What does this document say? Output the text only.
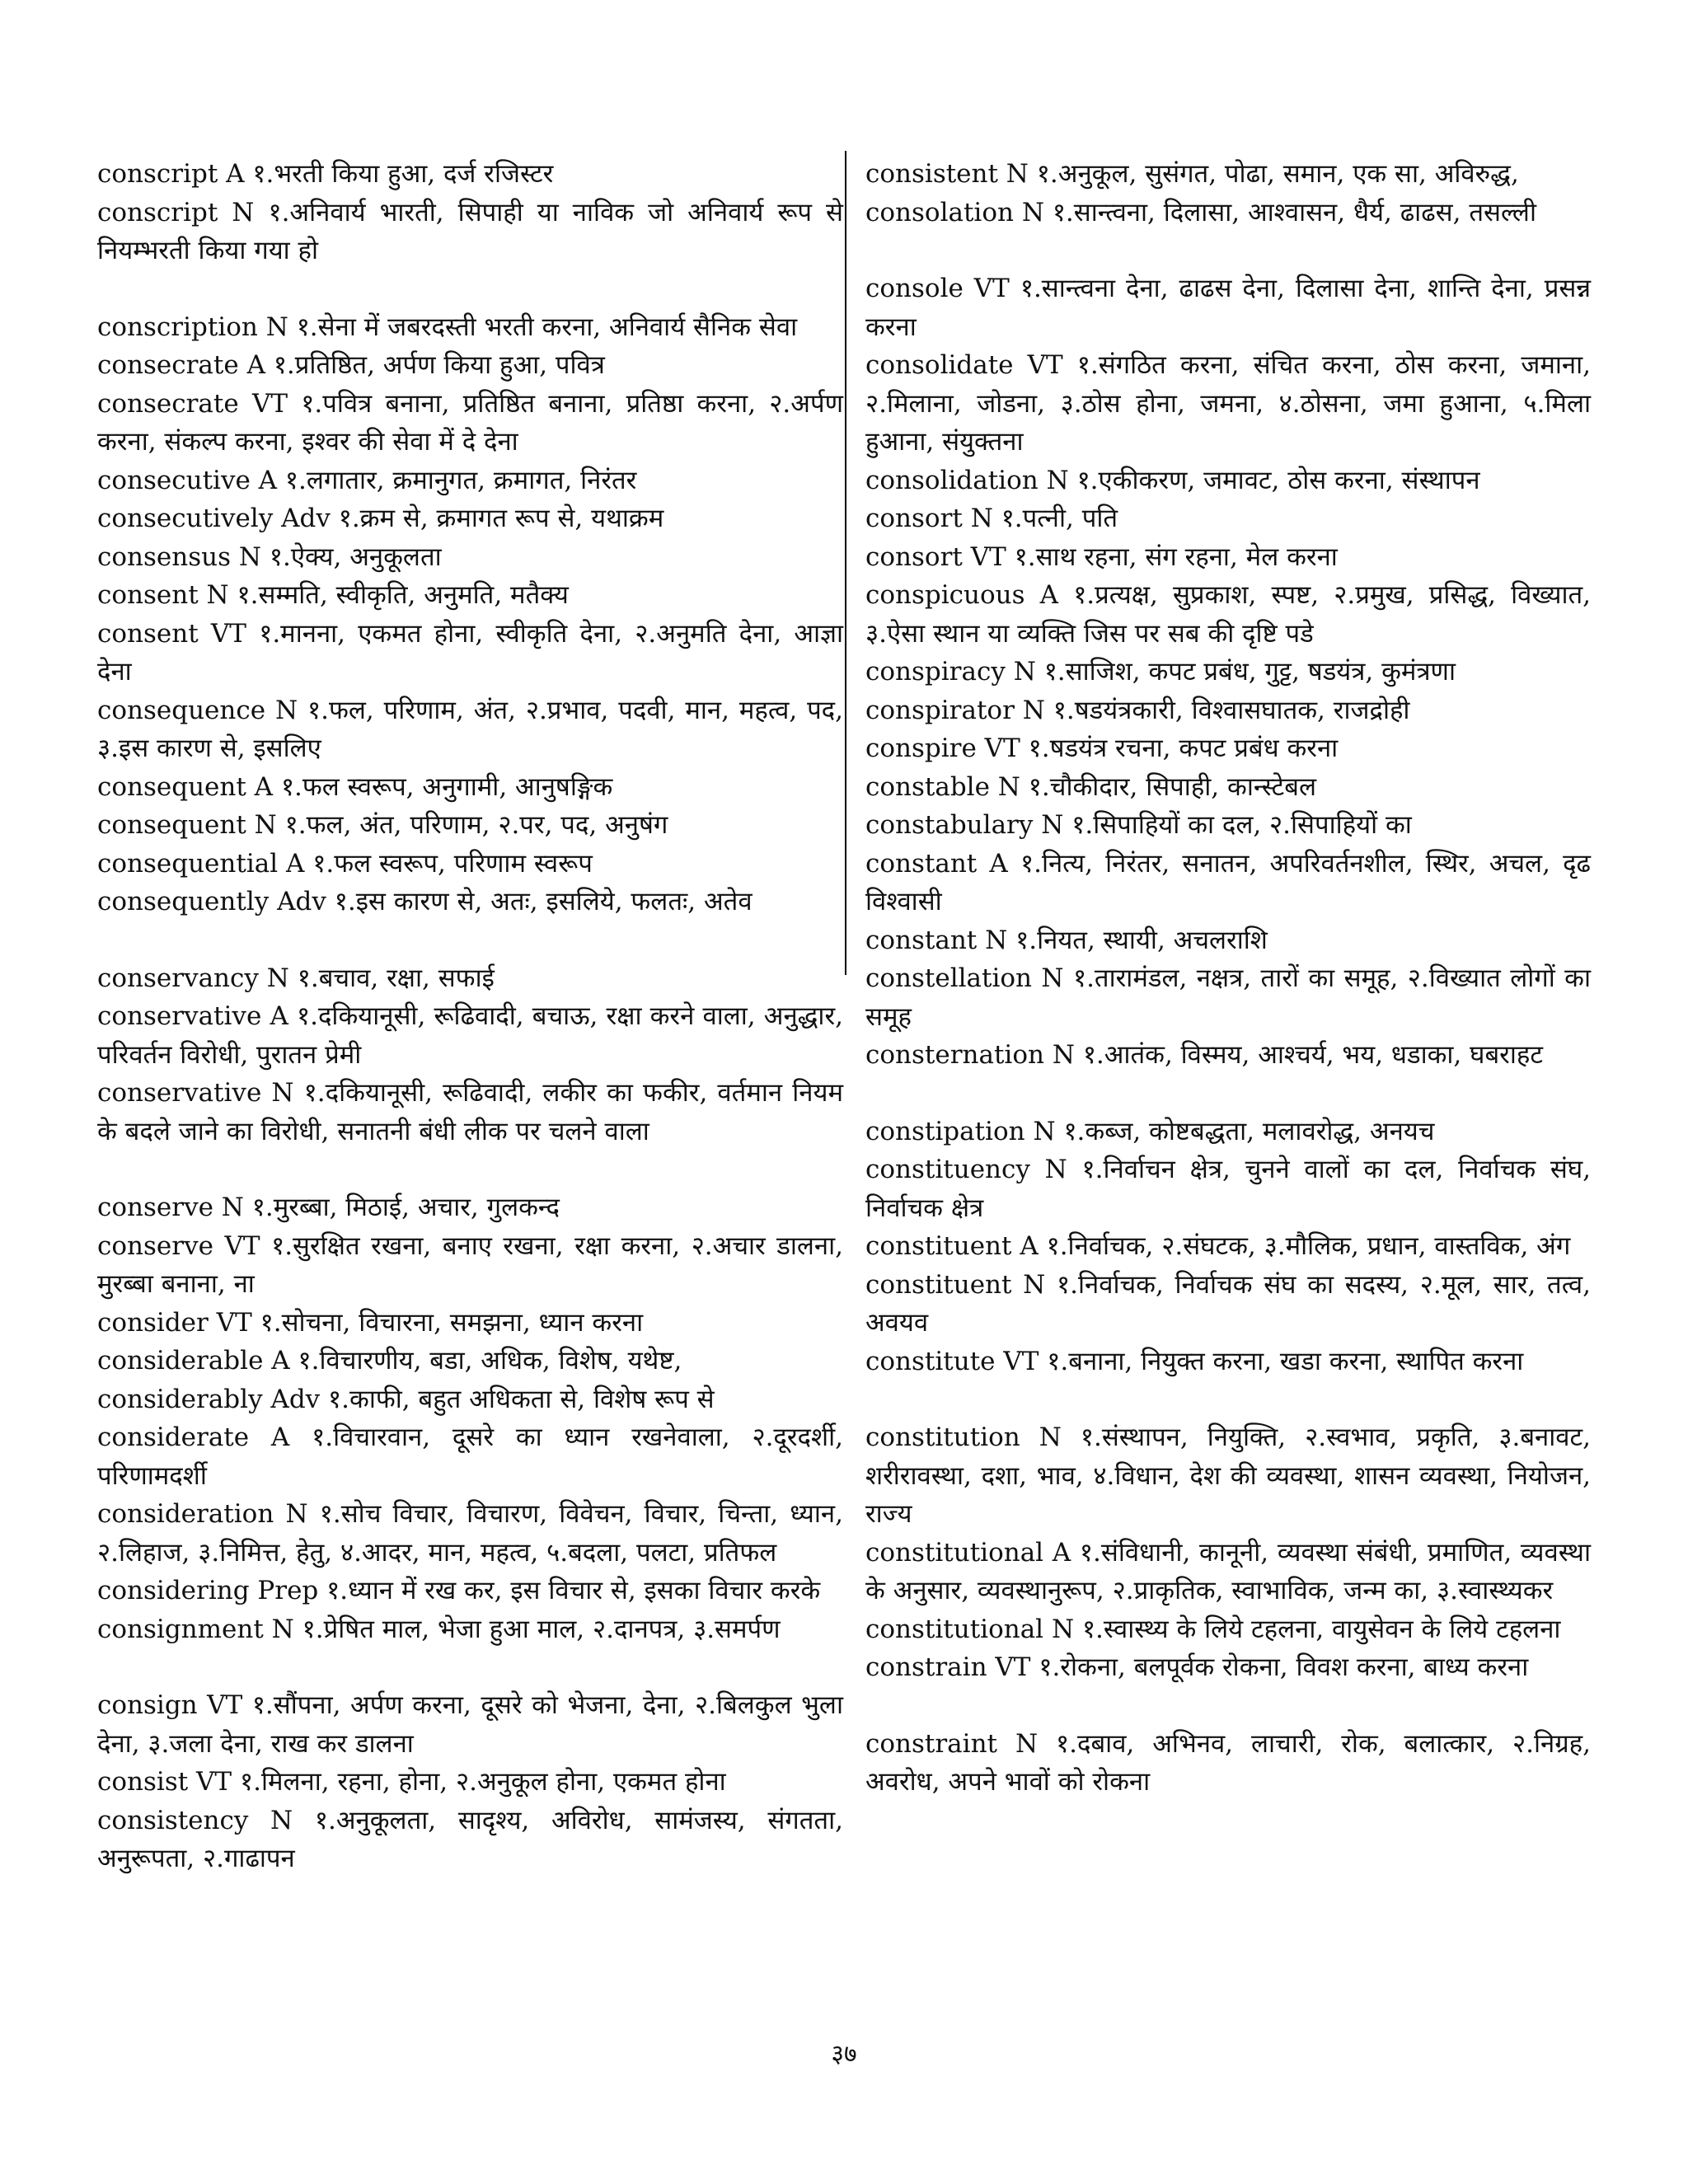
conscript A १.भरती किया हुआ, दर्ज रजिस्टर

conscript N १.अनिवार्य भारती, सिपाही या नाविक जो अनिवार्य रूप से नियम्भरती किया गया हो

conscription N १.सेना में जबरदस्ती भरती करना, अनिवार्य सैनिक सेवा

consecrate A १.प्रतिष्ठित, अर्पण किया हुआ, पवित्र

consecrate VT १.पवित्र बनाना, प्रतिष्ठित बनाना, प्रतिष्ठा करना, २.अर्पण करना, संकल्प करना, इश्वर की सेवा में दे देना

consecutive A १.लगातार, क्रमानुगत, क्रमागत, निरंतर

consecutively Adv १.क्रम से, क्रमागत रूप से, यथाक्रम

consensus N १.ऐक्य, अनुकूलता

consent N १.सम्मति, स्वीकृति, अनुमति, मतैक्य

consent VT १.मानना, एकमत होना, स्वीकृति देना, २.अनुमति देना, आज्ञा देना

consequence N १.फल, परिणाम, अंत, २.प्रभाव, पदवी, मान, महत्व, पद, ३.इस कारण से, इसलिए

consequent A १.फल स्वरूप, अनुगामी, आनुषङ्गिक

consequent N १.फल, अंत, परिणाम, २.पर, पद, अनुषंग

consequential A १.फल स्वरूप, परिणाम स्वरूप

consequently Adv १.इस कारण से, अतः, इसलिये, फलतः, अतेव

conservancy N १.बचाव, रक्षा, सफाई

conservative A १.दकियानूसी, रूढिवादी, बचाऊ, रक्षा करने वाला, अनुद्धार, परिवर्तन विरोधी, पुरातन प्रेमी

conservative N १.दकियानूसी, रूढिवादी, लकीर का फकीर, वर्तमान नियम के बदले जाने का विरोधी, सनातनी बंधी लीक पर चलने वाला

conserve N १.मुरब्बा, मिठाई, अचार, गुलकन्द

conserve VT १.सुरक्षित रखना, बनाए रखना, रक्षा करना, २.अचार डालना, मुरब्बा बनाना, ना

consider VT १.सोचना, विचारना, समझना, ध्यान करना

considerable A १.विचारणीय, बडा, अधिक, विशेष, यथेष्ट,

considerably Adv १.काफी, बहुत अधिकता से, विशेष रूप से

considerate A १.विचारवान, दूसरे का ध्यान रखनेवाला, २.दूरदर्शी, परिणामदर्शी

consideration N १.सोच विचार, विचारण, विवेचन, विचार, चिन्ता, ध्यान, २.लिहाज, ३.निमित्त, हेतु, ४.आदर, मान, महत्व, ५.बदला, पलटा, प्रतिफल

considering Prep १.ध्यान में रख कर, इस विचार से, इसका विचार करके

consignment N १.प्रेषित माल, भेजा हुआ माल, २.दानपत्र, ३.समर्पण

consign VT १.सौंपना, अर्पण करना, दूसरे को भेजना, देना, २.बिलकुल भुला देना, ३.जला देना, राख कर डालना

consist VT १.मिलना, रहना, होना, २.अनुकूल होना, एकमत होना

consistency N १.अनुकूलता, सादृश्य, अविरोध, सामंजस्य, संगतता, अनुरूपता, २.गाढापन

consistent N १.अनुकूल, सुसंगत, पोढा, समान, एक सा, अविरुद्ध,

consolation N १.सान्त्वना, दिलासा, आश्वासन, धैर्य, ढाढस, तसल्ली

console VT १.सान्त्वना देना, ढाढस देना, दिलासा देना, शान्ति देना, प्रसन्न करना

consolidate VT १.संगठित करना, संचित करना, ठोस करना, जमाना, २.मिलाना, जोडना, ३.ठोस होना, जमना, ४.ठोसना, जमा हुआना, ५.मिला हुआना, संयुक्तना

consolidation N १.एकीकरण, जमावट, ठोस करना, संस्थापन

consort N १.पत्नी, पति

consort VT १.साथ रहना, संग रहना, मेल करना

conspicuous A १.प्रत्यक्ष, सुप्रकाश, स्पष्ट, २.प्रमुख, प्रसिद्ध, विख्यात, ३.ऐसा स्थान या व्यक्ति जिस पर सब की दृष्टि पडे

conspiracy N १.साजिश, कपट प्रबंध, गुट्ट, षडयंत्र, कुमंत्रणा

conspirator N १.षडयंत्रकारी, विश्वासघातक, राजद्रोही

conspire VT १.षडयंत्र रचना, कपट प्रबंध करना

constable N १.चौकीदार, सिपाही, कान्स्टेबल

constabulary N १.सिपाहियों का दल, २.सिपाहियों का

constant A १.नित्य, निरंतर, सनातन, अपरिवर्तनशील, स्थिर, अचल, दृढ विश्वासी

constant N १.नियत, स्थायी, अचलराशि

constellation N १.तारामंडल, नक्षत्र, तारों का समूह, २.विख्यात लोगों का समूह

consternation N १.आतंक, विस्मय, आश्चर्य, भय, धडाका, घबराहट

constipation N १.कब्ज, कोष्टबद्धता, मलावरोद्ध, अनयच

constituency N १.निर्वाचन क्षेत्र, चुनने वालों का दल, निर्वाचक संघ, निर्वाचक क्षेत्र

constituent A १.निर्वाचक, २.संघटक, ३.मौलिक, प्रधान, वास्तविक, अंग

constituent N १.निर्वाचक, निर्वाचक संघ का सदस्य, २.मूल, सार, तत्व, अवयव

constitute VT १.बनाना, नियुक्त करना, खडा करना, स्थापित करना

constitution N १.संस्थापन, नियुक्ति, २.स्वभाव, प्रकृति, ३.बनावट, शरीरावस्था, दशा, भाव, ४.विधान, देश की व्यवस्था, शासन व्यवस्था, नियोजन, राज्य

constitutional A १.संविधानी, कानूनी, व्यवस्था संबंधी, प्रमाणित, व्यवस्था के अनुसार, व्यवस्थानुरूप, २.प्राकृतिक, स्वाभाविक, जन्म का, ३.स्वास्थ्यकर

constitutional N १.स्वास्थ्य के लिये टहलना, वायुसेवन के लिये टहलना

constrain VT १.रोकना, बलपूर्वक रोकना, विवश करना, बाध्य करना

constraint N १.दबाव, अभिनव, लाचारी, रोक, बलात्कार, २.निग्रह, अवरोध, अपने भावों को रोकना

३७
